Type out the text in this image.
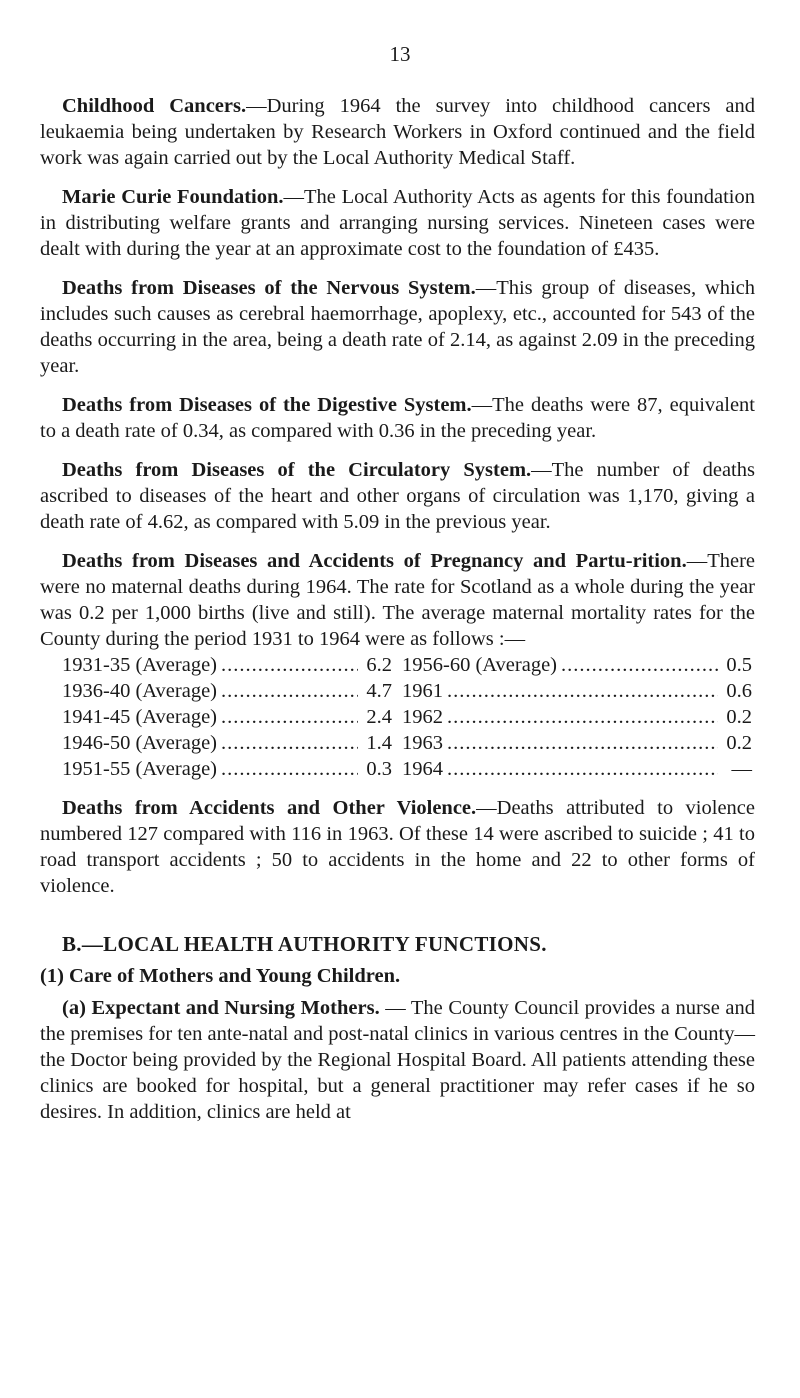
13

Childhood Cancers.—During 1964 the survey into childhood cancers and leukaemia being undertaken by Research Workers in Oxford continued and the field work was again carried out by the Local Authority Medical Staff.

Marie Curie Foundation.—The Local Authority Acts as agents for this foundation in distributing welfare grants and arranging nursing services. Nineteen cases were dealt with during the year at an approximate cost to the foundation of £435.

Deaths from Diseases of the Nervous System.—This group of diseases, which includes such causes as cerebral haemorrhage, apoplexy, etc., accounted for 543 of the deaths occurring in the area, being a death rate of 2.14, as against 2.09 in the preceding year.

Deaths from Diseases of the Digestive System.—The deaths were 87, equivalent to a death rate of 0.34, as compared with 0.36 in the preceding year.

Deaths from Diseases of the Circulatory System.—The number of deaths ascribed to diseases of the heart and other organs of circulation was 1,170, giving a death rate of 4.62, as compared with 5.09 in the previous year.

Deaths from Diseases and Accidents of Pregnancy and Partu-rition.—There were no maternal deaths during 1964. The rate for Scotland as a whole during the year was 0.2 per 1,000 births (live and still). The average maternal mortality rates for the County during the period 1931 to 1964 were as follows :—

1931-35 (Average) .....	6.2 1956-60 (Average) .....	0.5
1936-40 (Average) .....	4.7 1961 .....	0.6
1941-45 (Average) .....	2.4 1962 .....	0.2
1946-50 (Average) .....	1.4 1963 .....	0.2
1951-55 (Average) .....	0.3 1964 .....	—

Deaths from Accidents and Other Violence.—Deaths attributed to violence numbered 127 compared with 116 in 1963. Of these 14 were ascribed to suicide ; 41 to road transport accidents ; 50 to accidents in the home and 22 to other forms of violence.

B.—LOCAL HEALTH AUTHORITY FUNCTIONS.
(1) Care of Mothers and Young Children.

(a) Expectant and Nursing Mothers. — The County Council provides a nurse and the premises for ten ante-natal and post-natal clinics in various centres in the County—the Doctor being provided by the Regional Hospital Board. All patients attending these clinics are booked for hospital, but a general practitioner may refer cases if he so desires. In addition, clinics are held at
